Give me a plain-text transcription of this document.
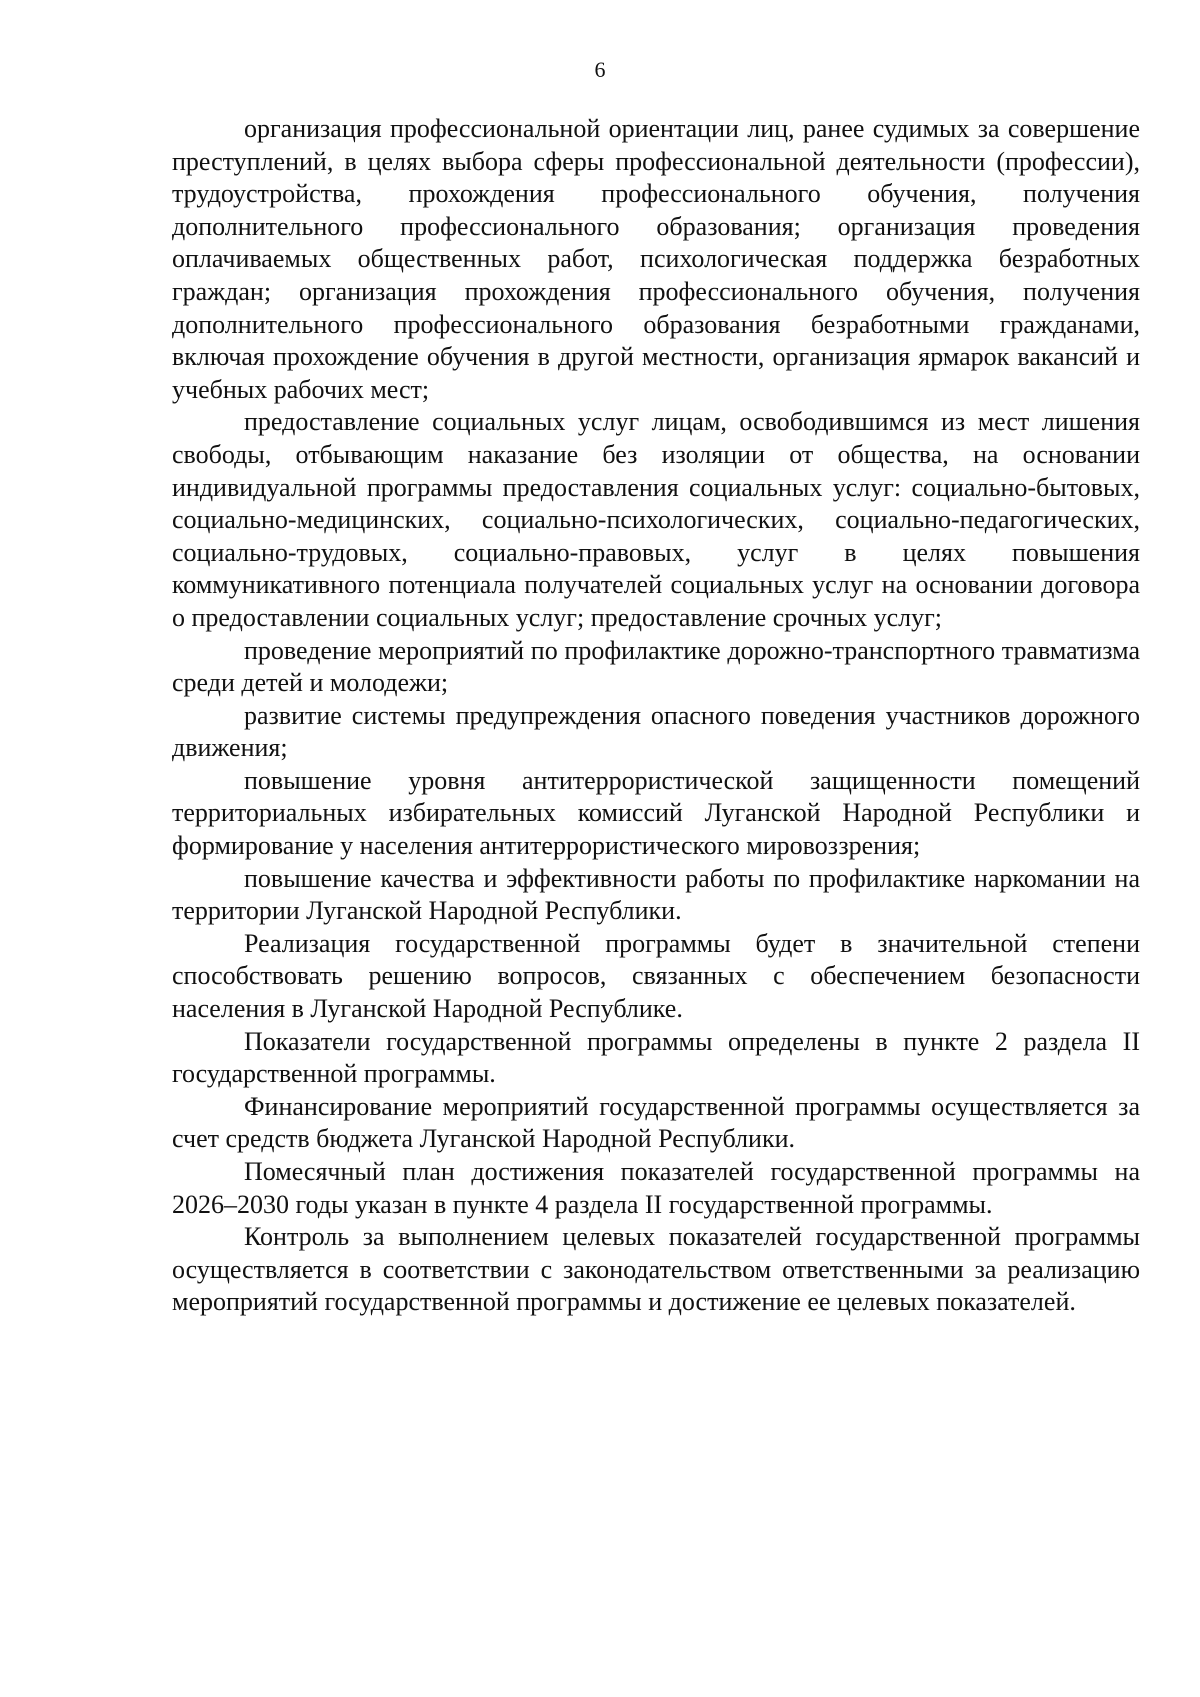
6

организация профессиональной ориентации лиц, ранее судимых за совершение преступлений, в целях выбора сферы профессиональной деятельности (профессии), трудоустройства, прохождения профессионального обучения, получения дополнительного профессионального образования; организация проведения оплачиваемых общественных работ, психологическая поддержка безработных граждан; организация прохождения профессионального обучения, получения дополнительного профессионального образования безработными гражданами, включая прохождение обучения в другой местности, организация ярмарок вакансий и учебных рабочих мест;

предоставление социальных услуг лицам, освободившимся из мест лишения свободы, отбывающим наказание без изоляции от общества, на основании индивидуальной программы предоставления социальных услуг: социально-бытовых, социально-медицинских, социально-психологических, социально-педагогических, социально-трудовых, социально-правовых, услуг в целях повышения коммуникативного потенциала получателей социальных услуг на основании договора о предоставлении социальных услуг; предоставление срочных услуг;

проведение мероприятий по профилактике дорожно-транспортного травматизма среди детей и молодежи;

развитие системы предупреждения опасного поведения участников дорожного движения;

повышение уровня антитеррористической защищенности помещений территориальных избирательных комиссий Луганской Народной Республики и формирование у населения антитеррористического мировоззрения;

повышение качества и эффективности работы по профилактике наркомании на территории Луганской Народной Республики.

Реализация государственной программы будет в значительной степени способствовать решению вопросов, связанных с обеспечением безопасности населения в Луганской Народной Республике.

Показатели государственной программы определены в пункте 2 раздела II государственной программы.

Финансирование мероприятий государственной программы осуществляется за счет средств бюджета Луганской Народной Республики.

Помесячный план достижения показателей государственной программы на 2026–2030 годы указан в пункте 4 раздела II государственной программы.

Контроль за выполнением целевых показателей государственной программы осуществляется в соответствии с законодательством ответственными за реализацию мероприятий государственной программы и достижение ее целевых показателей.
